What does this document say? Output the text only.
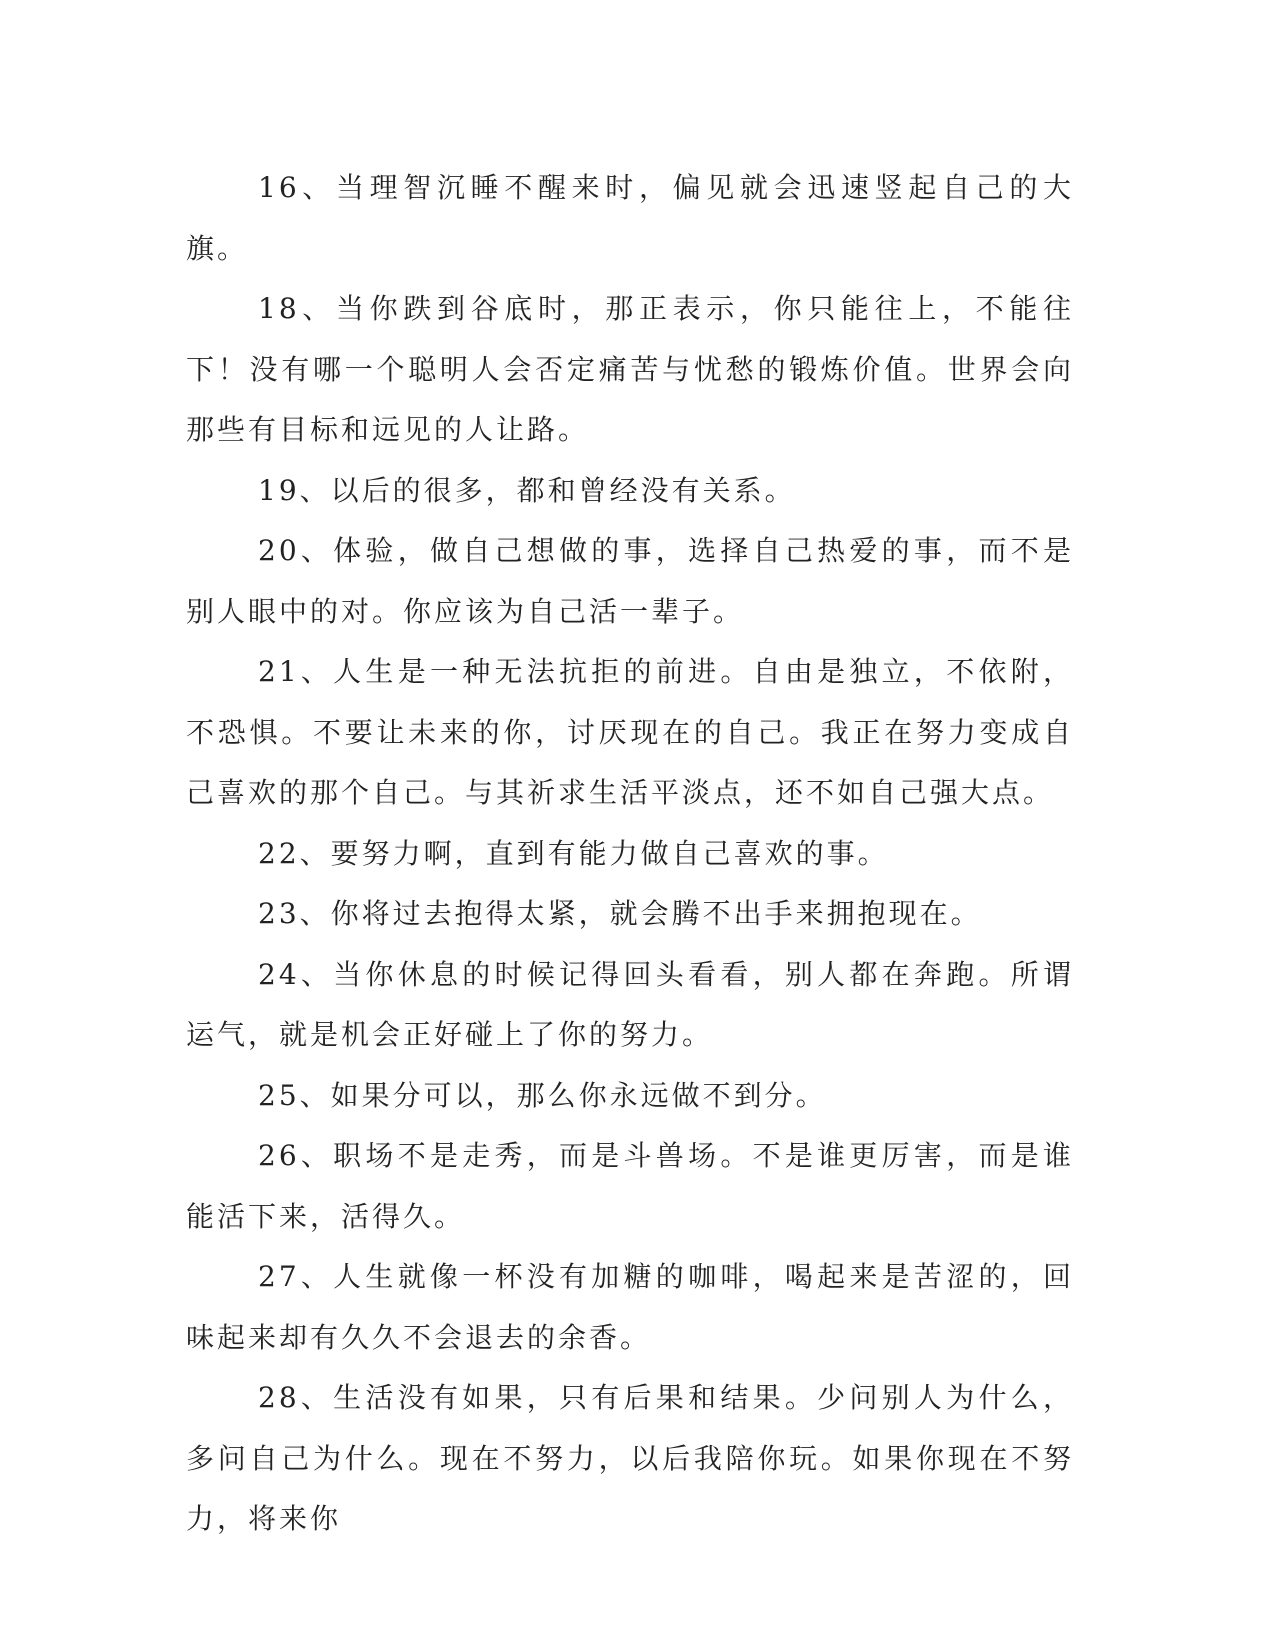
16、当理智沉睡不醒来时，偏见就会迅速竖起自己的大旗。

18、当你跌到谷底时，那正表示，你只能往上，不能往下！没有哪一个聪明人会否定痛苦与忧愁的锻炼价值。世界会向那些有目标和远见的人让路。

19、以后的很多，都和曾经没有关系。

20、体验，做自己想做的事，选择自己热爱的事，而不是别人眼中的对。你应该为自己活一辈子。

21、人生是一种无法抗拒的前进。自由是独立，不依附，不恐惧。不要让未来的你，讨厌现在的自己。我正在努力变成自己喜欢的那个自己。与其祈求生活平淡点，还不如自己强大点。

22、要努力啊，直到有能力做自己喜欢的事。

23、你将过去抱得太紧，就会腾不出手来拥抱现在。

24、当你休息的时候记得回头看看，别人都在奔跑。所谓运气，就是机会正好碰上了你的努力。

25、如果分可以，那么你永远做不到分。

26、职场不是走秀，而是斗兽场。不是谁更厉害，而是谁能活下来，活得久。

27、人生就像一杯没有加糖的咖啡，喝起来是苦涩的，回味起来却有久久不会退去的余香。

28、生活没有如果，只有后果和结果。少问别人为什么，多问自己为什么。现在不努力，以后我陪你玩。如果你现在不努力，将来你
